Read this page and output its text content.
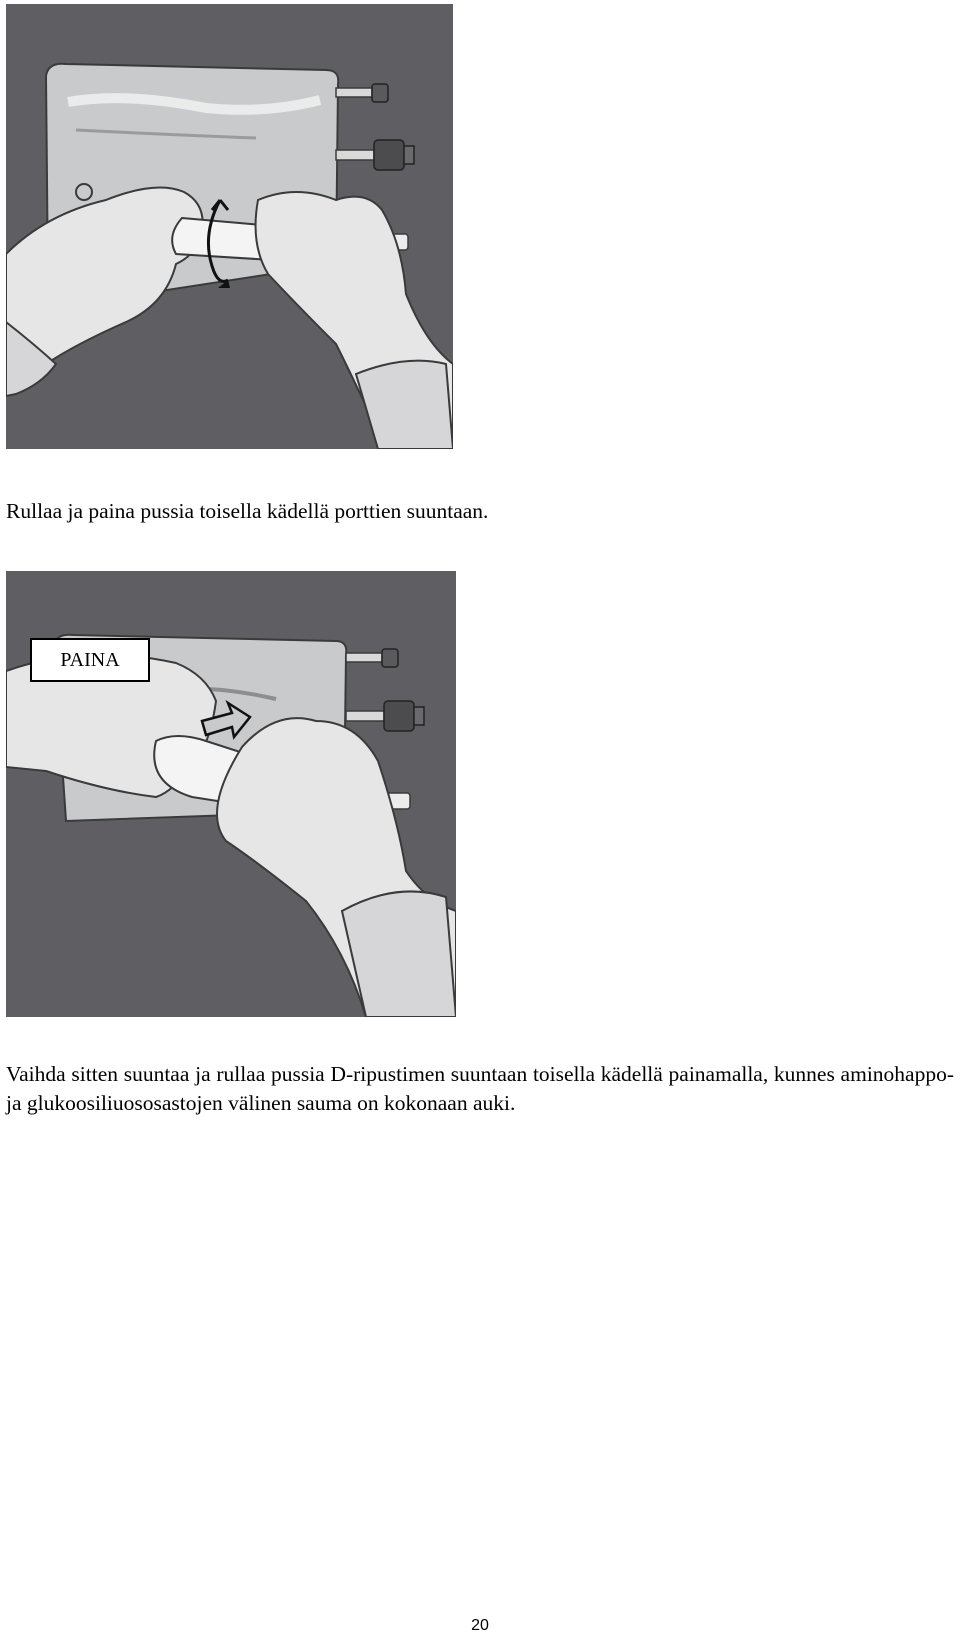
Rullaa ja paina pussia toisella kädellä porttien suuntaan.
PAINA
Vaihda sitten suuntaa ja rullaa pussia D-ripustimen suuntaan toisella kädellä painamalla, kunnes aminohappo- ja glukoosiliuososastojen välinen sauma on kokonaan auki.
20
